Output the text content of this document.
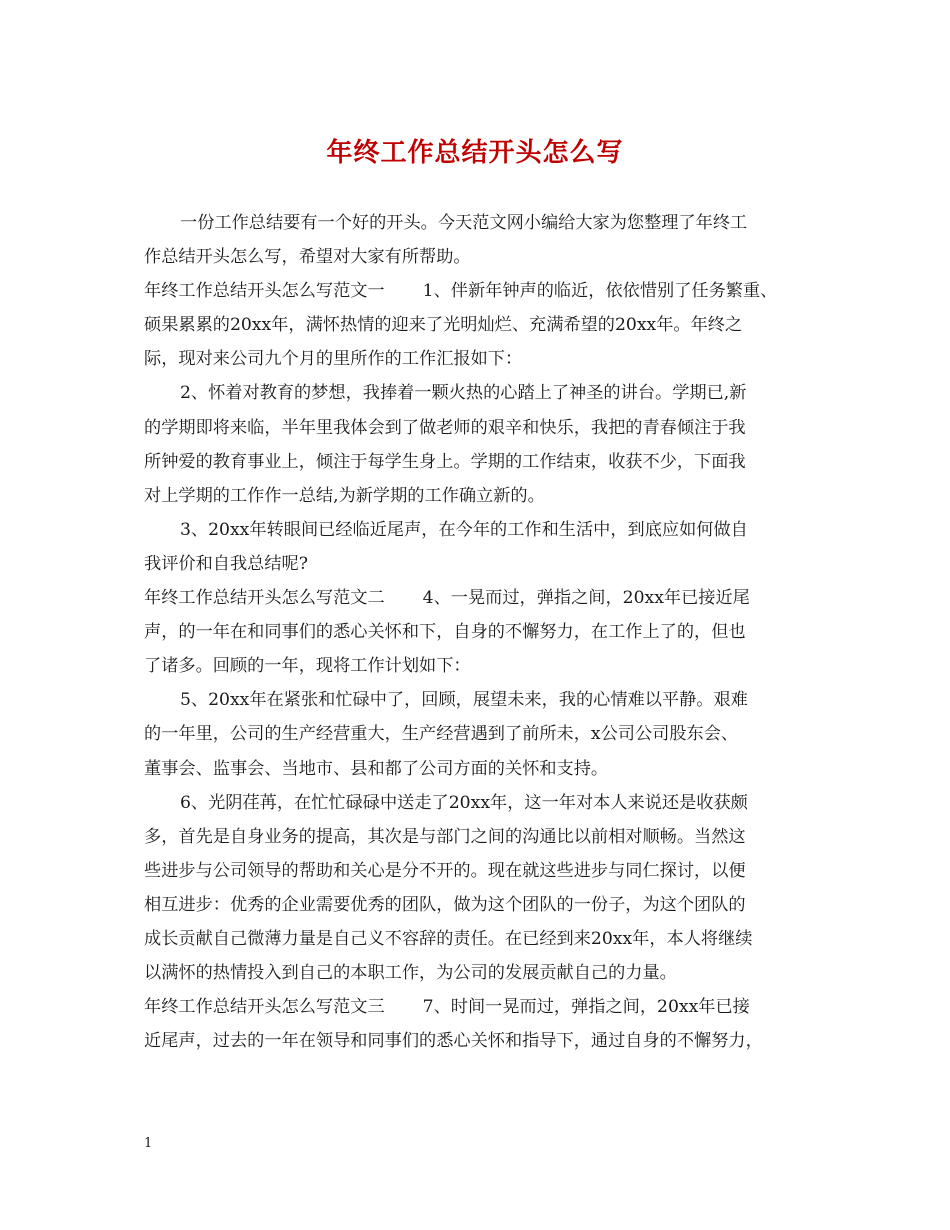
年终工作总结开头怎么写
一份工作总结要有一个好的开头。今天范文网小编给大家为您整理了年终工
作总结开头怎么写，希望对大家有所帮助。
年终工作总结开头怎么写范文一 1、伴新年钟声的临近，依依惜别了任务繁重、
硕果累累的20xx年，满怀热情的迎来了光明灿烂、充满希望的20xx年。年终之
际，现对来公司九个月的里所作的工作汇报如下：
2、怀着对教育的梦想，我捧着一颗火热的心踏上了神圣的讲台。学期已,新
的学期即将来临，半年里我体会到了做老师的艰辛和快乐，我把的青春倾注于我
所钟爱的教育事业上，倾注于每学生身上。学期的工作结束，收获不少，下面我
对上学期的工作作一总结,为新学期的工作确立新的。
3、20xx年转眼间已经临近尾声，在今年的工作和生活中，到底应如何做自
我评价和自我总结呢?
年终工作总结开头怎么写范文二 4、一晃而过，弹指之间，20xx年已接近尾
声，的一年在和同事们的悉心关怀和下，自身的不懈努力，在工作上了的，但也
了诸多。回顾的一年，现将工作计划如下：
5、20xx年在紧张和忙碌中了，回顾，展望未来，我的心情难以平静。艰难
的一年里，公司的生产经营重大，生产经营遇到了前所未，x公司公司股东会、
董事会、监事会、当地市、县和都了公司方面的关怀和支持。
6、光阴荏苒，在忙忙碌碌中送走了20xx年，这一年对本人来说还是收获颇
多，首先是自身业务的提高，其次是与部门之间的沟通比以前相对顺畅。当然这
些进步与公司领导的帮助和关心是分不开的。现在就这些进步与同仁探讨，以便
相互进步：优秀的企业需要优秀的团队，做为这个团队的一份子，为这个团队的
成长贡献自己微薄力量是自己义不容辞的责任。在已经到来20xx年，本人将继续
以满怀的热情投入到自己的本职工作，为公司的发展贡献自己的力量。
年终工作总结开头怎么写范文三 7、时间一晃而过，弹指之间，20xx年已接
近尾声，过去的一年在领导和同事们的悉心关怀和指导下，通过自身的不懈努力，
1
